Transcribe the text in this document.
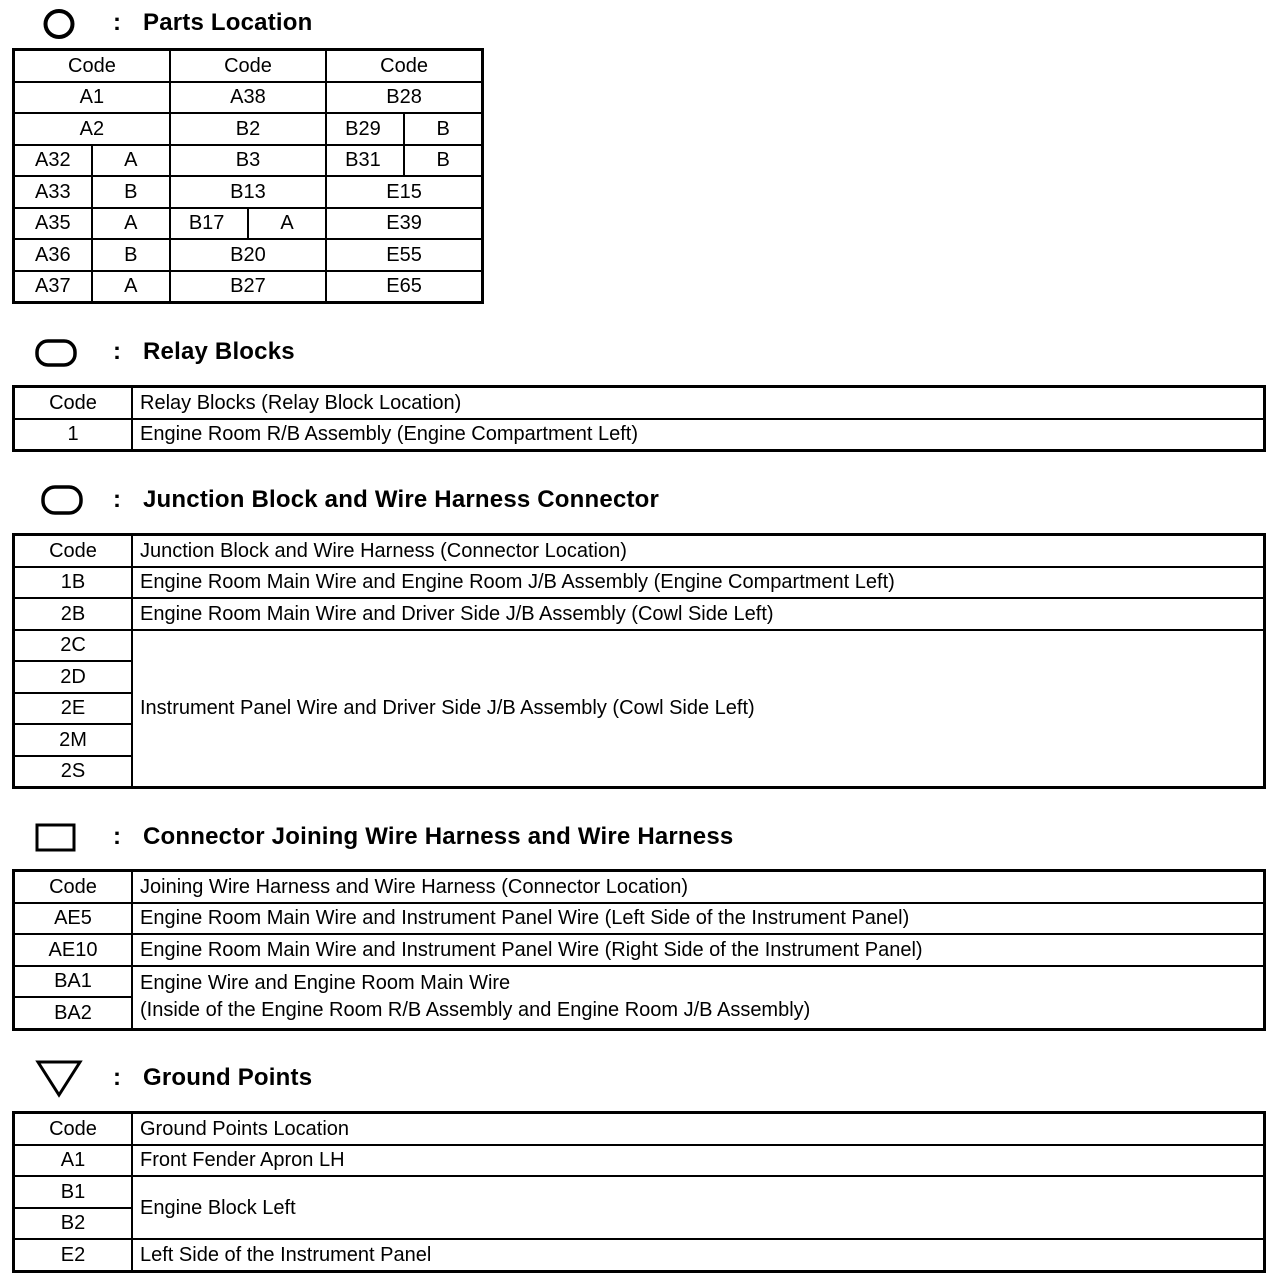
: Parts Location
Code		Code		Code	
A1		A38		B28	
A2		B2		B29	B
A32	A	B3		B31	B
A33	B	B13		E15	
A35	A	B17	A	E39	
A36	B	B20		E55	
A37	A	B27		E65	
: Relay Blocks
Code	Relay Blocks (Relay Block Location)
1	Engine Room R/B Assembly (Engine Compartment Left)
: Junction Block and Wire Harness Connector
Code	Junction Block and Wire Harness (Connector Location)
1B	Engine Room Main Wire and Engine Room J/B Assembly (Engine Compartment Left)
2B	Engine Room Main Wire and Driver Side J/B Assembly (Cowl Side Left)
2C	Instrument Panel Wire and Driver Side J/B Assembly (Cowl Side Left)
2D	
2E	
2M	
2S	
: Connector Joining Wire Harness and Wire Harness
Code	Joining Wire Harness and Wire Harness (Connector Location)
AE5	Engine Room Main Wire and Instrument Panel Wire (Left Side of the Instrument Panel)
AE10	Engine Room Main Wire and Instrument Panel Wire (Right Side of the Instrument Panel)
BA1	Engine Wire and Engine Room Main Wire
(Inside of the Engine Room R/B Assembly and Engine Room J/B Assembly)

BA2	
: Ground Points
Code	Ground Points Location
A1	Front Fender Apron LH
B1	Engine Block Left
B2	
E2	Left Side of the Instrument Panel
